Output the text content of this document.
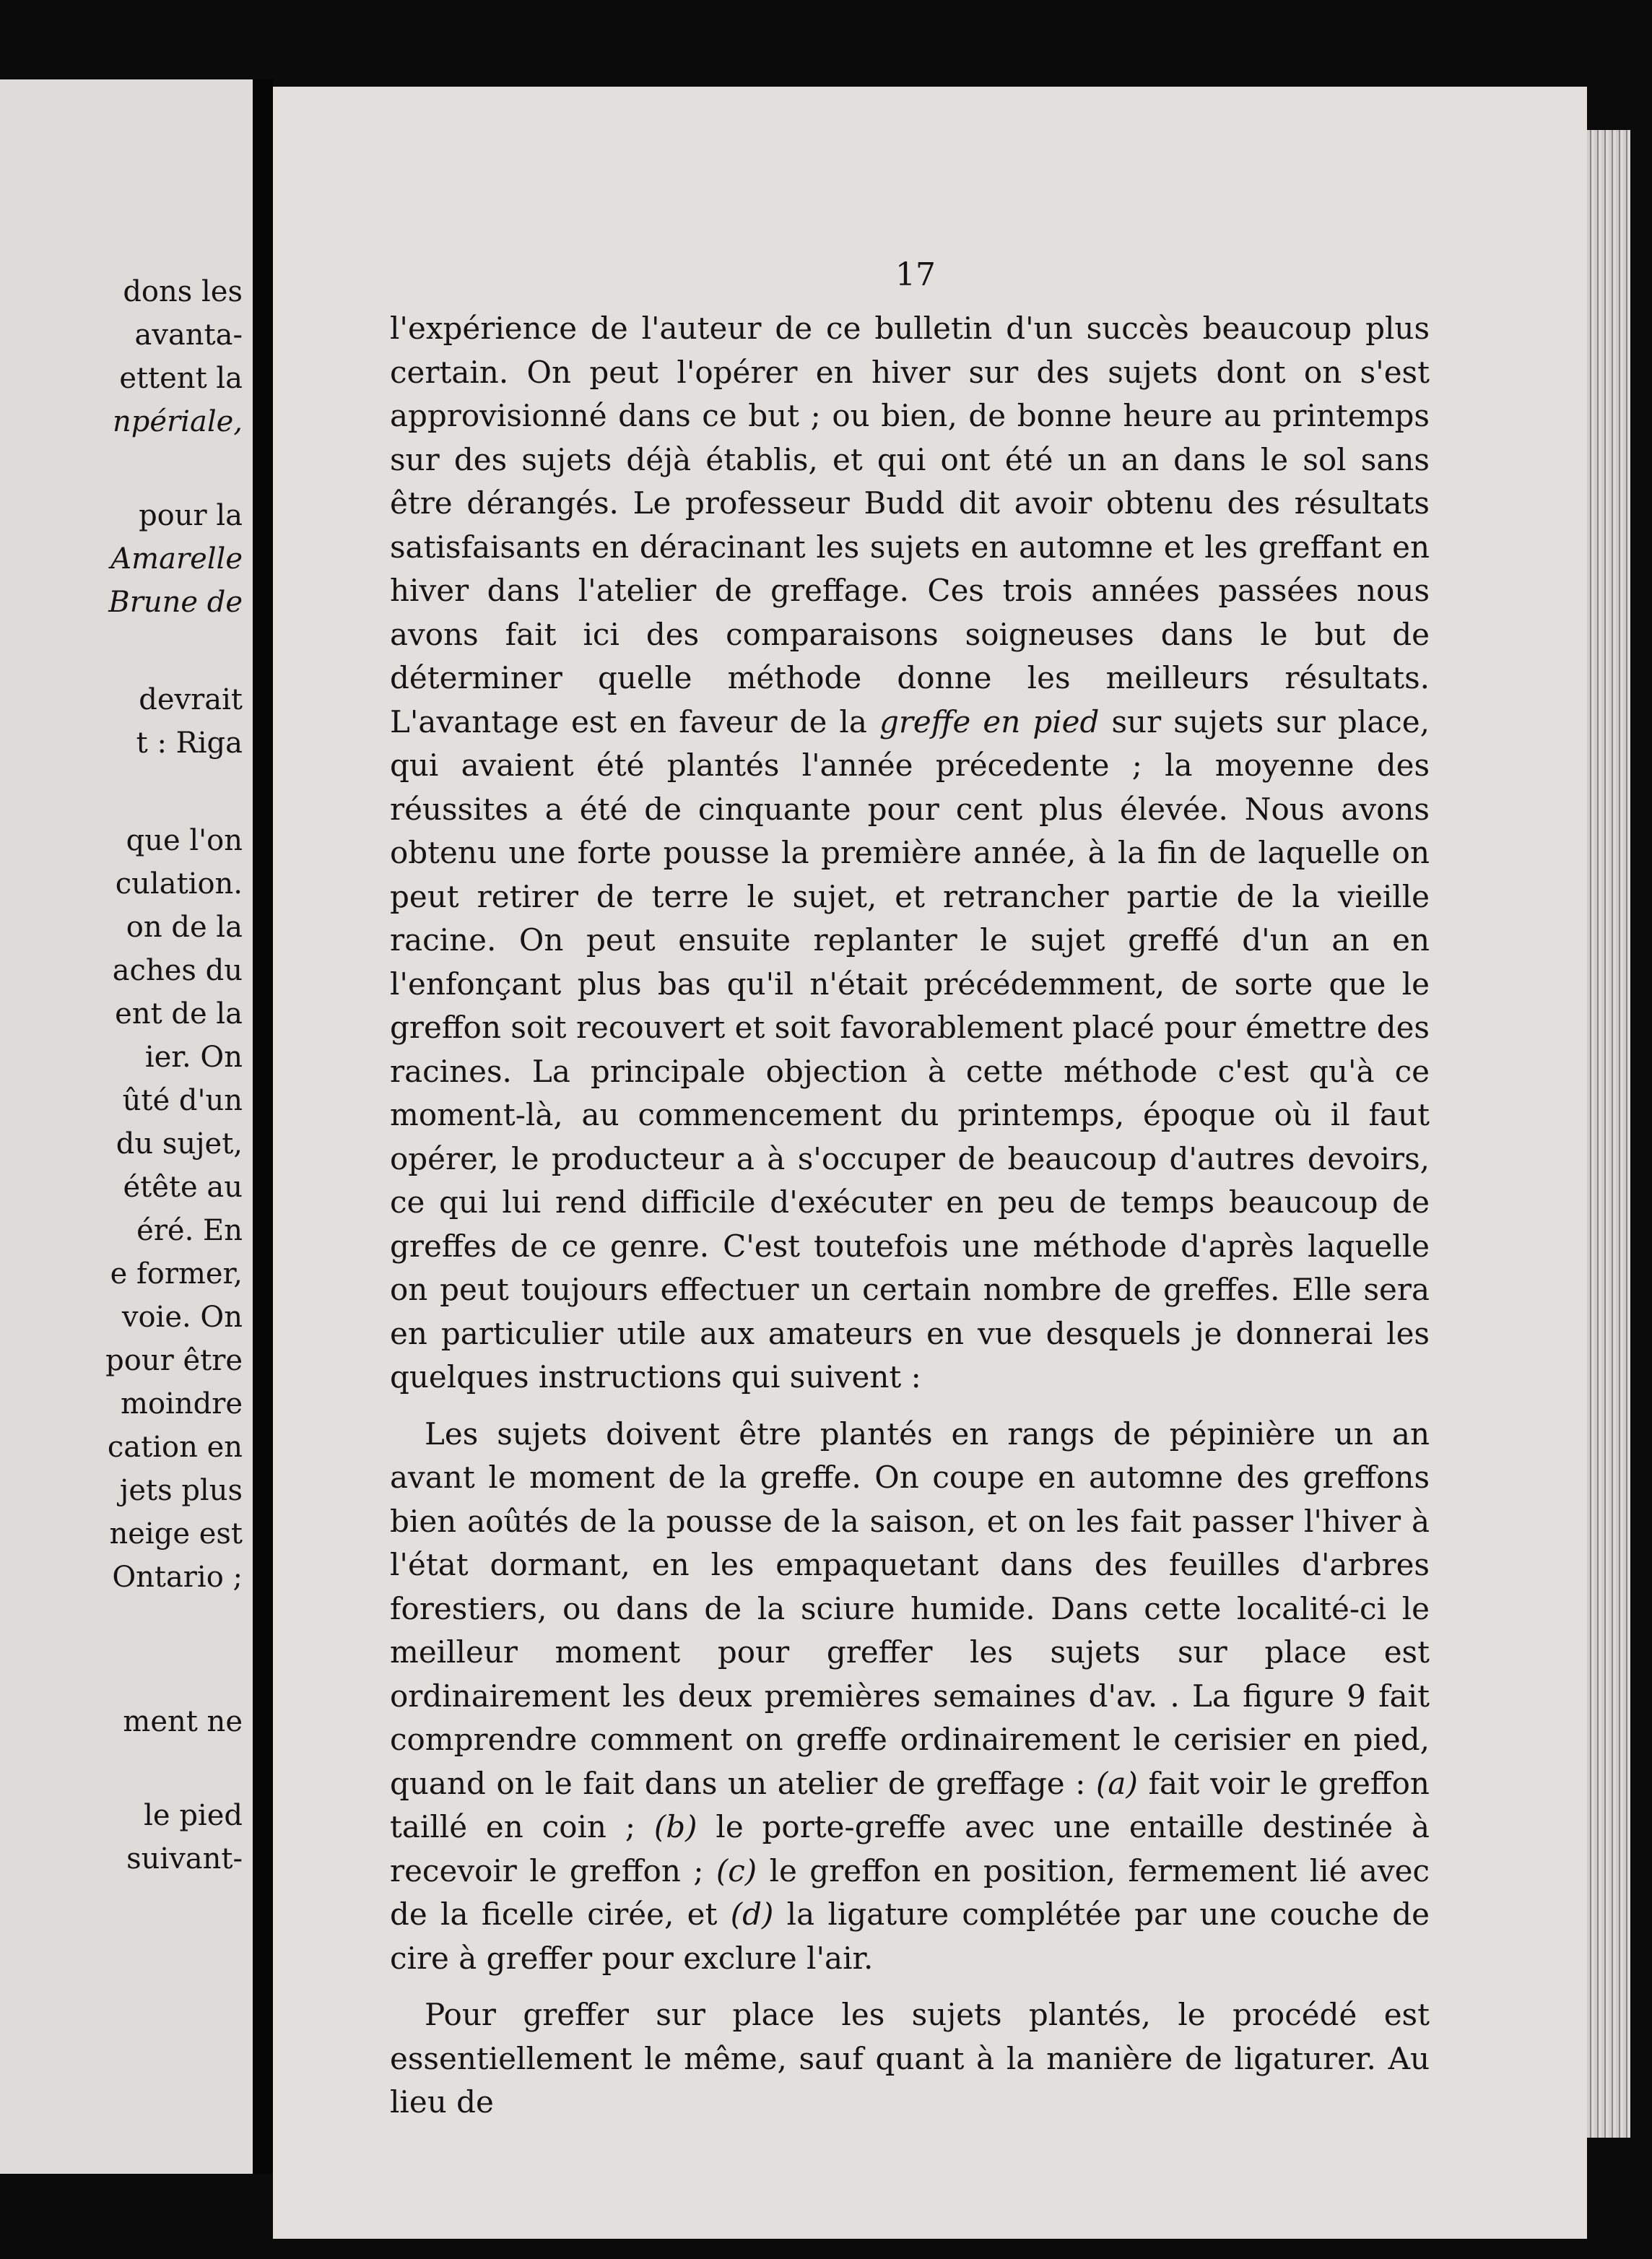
dons les
avanta-
ettent la
npériale,
pour la
Amarelle
Brune de
devrait
t : Riga
que l'on
culation.
on de la
aches du
ent de la
ier. On
ûté d'un
du sujet,
étête au
éré. En
e former,
voie. On
pour être
moindre
cation en
jets plus
neige est
Ontario ;
ment ne
le pied
suivant-
17

l'expérience de l'auteur de ce bulletin d'un succès beaucoup plus certain. On peut l'opérer en hiver sur des sujets dont on s'est approvisionné dans ce but ; ou bien, de bonne heure au printemps sur des sujets déjà établis, et qui ont été un an dans le sol sans être dérangés. Le professeur Budd dit avoir obtenu des résultats satisfaisants en déracinant les sujets en automne et les greffant en hiver dans l'atelier de greffage. Ces trois années passées nous avons fait ici des comparaisons soigneuses dans le but de déterminer quelle méthode donne les meilleurs résultats. L'avantage est en faveur de la greffe en pied sur sujets sur place, qui avaient été plantés l'année précedente ; la moyenne des réussites a été de cinquante pour cent plus élevée. Nous avons obtenu une forte pousse la première année, à la fin de laquelle on peut retirer de terre le sujet, et retrancher partie de la vieille racine. On peut ensuite replanter le sujet greffé d'un an en l'enfonçant plus bas qu'il n'était précédemment, de sorte que le greffon soit recouvert et soit favorablement placé pour émettre des racines. La principale objection à cette méthode c'est qu'à ce moment-là, au commencement du printemps, époque où il faut opérer, le producteur a à s'occuper de beaucoup d'autres devoirs, ce qui lui rend difficile d'exécuter en peu de temps beaucoup de greffes de ce genre. C'est toutefois une méthode d'après laquelle on peut toujours effectuer un certain nombre de greffes. Elle sera en particulier utile aux amateurs en vue desquels je donnerai les quelques instructions qui suivent :

Les sujets doivent être plantés en rangs de pépinière un an avant le moment de la greffe. On coupe en automne des greffons bien aoûtés de la pousse de la saison, et on les fait passer l'hiver à l'état dormant, en les empaquetant dans des feuilles d'arbres forestiers, ou dans de la sciure humide. Dans cette localité-ci le meilleur moment pour greffer les sujets sur place est ordinairement les deux premières semaines d'av. . La figure 9 fait comprendre comment on greffe ordinairement le cerisier en pied, quand on le fait dans un atelier de greffage : (a) fait voir le greffon taillé en coin ; (b) le porte-greffe avec une entaille destinée à recevoir le greffon ; (c) le greffon en position, fermement lié avec de la ficelle cirée, et (d) la ligature complétée par une couche de cire à greffer pour exclure l'air.

Pour greffer sur place les sujets plantés, le procédé est essentiellement le même, sauf quant à la manière de ligaturer. Au lieu de
